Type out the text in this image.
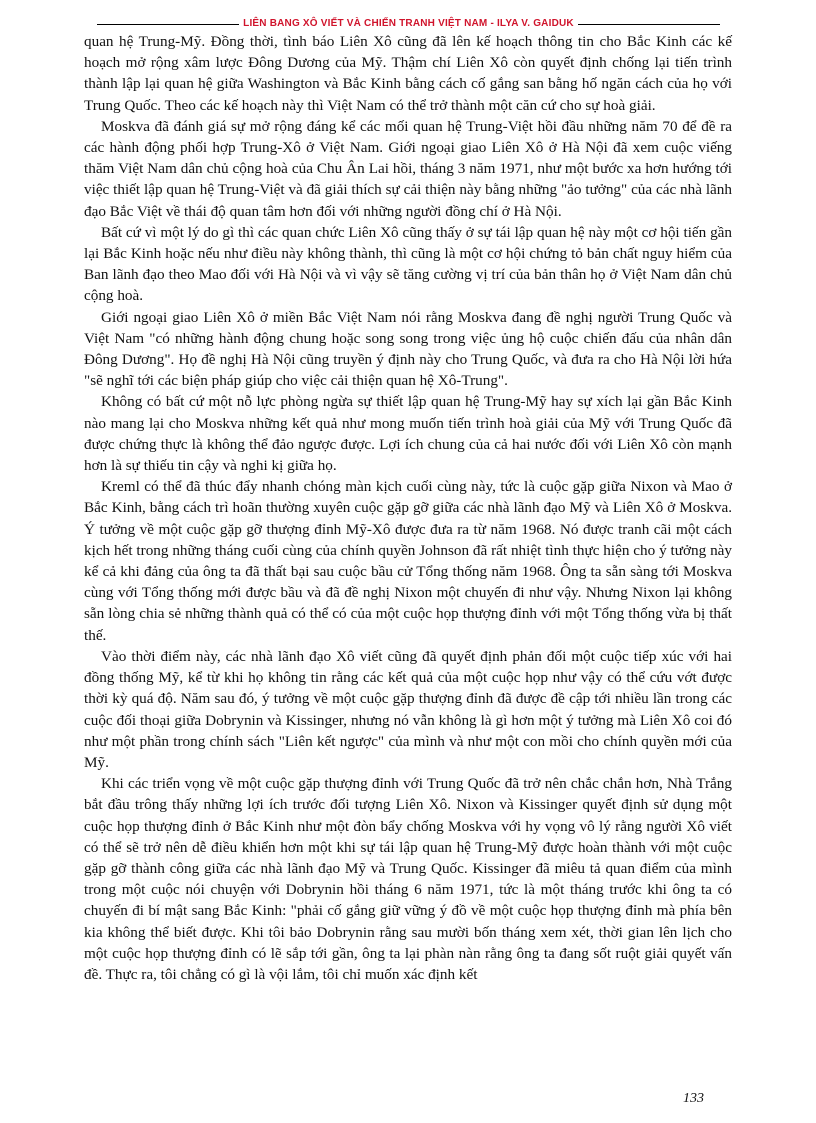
LIÊN BANG XÔ VIẾT VÀ CHIẾN TRANH VIỆT NAM - ILYA V. GAIDUK

quan hệ Trung-Mỹ. Đồng thời, tình báo Liên Xô cũng đã lên kế hoạch thông tin cho Bắc Kinh các kế hoạch mở rộng xâm lược Đông Dương của Mỹ. Thậm chí Liên Xô còn quyết định chống lại tiến trình thành lập lại quan hệ giữa Washington và Bắc Kinh bằng cách cố gắng san bằng hố ngăn cách của họ với Trung Quốc. Theo các kế hoạch này thì Việt Nam có thể trở thành một căn cứ cho sự hoà giải.

Moskva đã đánh giá sự mở rộng đáng kể các mối quan hệ Trung-Việt hồi đầu những năm 70 để đề ra các hành động phối hợp Trung-Xô ở Việt Nam. Giới ngoại giao Liên Xô ở Hà Nội đã xem cuộc viếng thăm Việt Nam dân chủ cộng hoà của Chu Ân Lai hồi, tháng 3 năm 1971, như một bước xa hơn hướng tới việc thiết lập quan hệ Trung-Việt và đã giải thích sự cải thiện này bằng những "ảo tưởng" của các nhà lãnh đạo Bắc Việt về thái độ quan tâm hơn đối với những người đồng chí ở Hà Nội.

Bất cứ vì một lý do gì thì các quan chức Liên Xô cũng thấy ở sự tái lập quan hệ này một cơ hội tiến gần lại Bắc Kinh hoặc nếu như điều này không thành, thì cũng là một cơ hội chứng tỏ bản chất nguy hiểm của Ban lãnh đạo theo Mao đối với Hà Nội và vì vậy sẽ tăng cường vị trí của bản thân họ ở Việt Nam dân chủ cộng hoà.

Giới ngoại giao Liên Xô ở miền Bắc Việt Nam nói rằng Moskva đang đề nghị người Trung Quốc và Việt Nam "có những hành động chung hoặc song song trong việc ủng hộ cuộc chiến đấu của nhân dân Đông Dương". Họ đề nghị Hà Nội cũng truyền ý định này cho Trung Quốc, và đưa ra cho Hà Nội lời hứa "sẽ nghĩ tới các biện pháp giúp cho việc cải thiện quan hệ Xô-Trung".

Không có bất cứ một nỗ lực phòng ngừa sự thiết lập quan hệ Trung-Mỹ hay sự xích lại gần Bắc Kinh nào mang lại cho Moskva những kết quả như mong muốn tiến trình hoà giải của Mỹ với Trung Quốc đã được chứng thực là không thể đảo ngược được. Lợi ích chung của cả hai nước đối với Liên Xô còn mạnh hơn là sự thiếu tin cậy và nghi kị giữa họ.

Kreml có thể đã thúc đẩy nhanh chóng màn kịch cuối cùng này, tức là cuộc gặp giữa Nixon và Mao ở Bắc Kinh, bằng cách trì hoãn thường xuyên cuộc gặp gỡ giữa các nhà lãnh đạo Mỹ và Liên Xô ở Moskva. Ý tưởng về một cuộc gặp gỡ thượng đỉnh Mỹ-Xô được đưa ra từ năm 1968. Nó được tranh cãi một cách kịch hết trong những tháng cuối cùng của chính quyền Johnson đã rất nhiệt tình thực hiện cho ý tưởng này kể cả khi đảng của ông ta đã thất bại sau cuộc bầu cử Tổng thống năm 1968. Ông ta sẵn sàng tới Moskva cùng với Tổng thống mới được bầu và đã đề nghị Nixon một chuyến đi như vậy. Nhưng Nixon lại không sẵn lòng chia sẻ những thành quả có thể có của một cuộc họp thượng đỉnh với một Tổng thống vừa bị thất thế.

Vào thời điểm này, các nhà lãnh đạo Xô viết cũng đã quyết định phản đối một cuộc tiếp xúc với hai đồng thống Mỹ, kể từ khi họ không tin rằng các kết quả của một cuộc họp như vậy có thể cứu vớt được thời kỳ quá độ. Năm sau đó, ý tưởng về một cuộc gặp thượng đỉnh đã được đề cập tới nhiều lần trong các cuộc đối thoại giữa Dobrynin và Kissinger, nhưng nó vẫn không là gì hơn một ý tưởng mà Liên Xô coi đó như một phần trong chính sách "Liên kết ngược" của mình và như một con mồi cho chính quyền mới của Mỹ.

Khi các triển vọng về một cuộc gặp thượng đỉnh với Trung Quốc đã trở nên chắc chắn hơn, Nhà Trắng bắt đầu trông thấy những lợi ích trước đối tượng Liên Xô. Nixon và Kissinger quyết định sử dụng một cuộc họp thượng đỉnh ở Bắc Kinh như một đòn bẩy chống Moskva với hy vọng vô lý rằng người Xô viết có thể sẽ trở nên dễ điều khiển hơn một khi sự tái lập quan hệ Trung-Mỹ được hoàn thành với một cuộc gặp gỡ thành công giữa các nhà lãnh đạo Mỹ và Trung Quốc. Kissinger đã miêu tả quan điểm của mình trong một cuộc nói chuyện với Dobrynin hồi tháng 6 năm 1971, tức là một tháng trước khi ông ta có chuyến đi bí mật sang Bắc Kinh: "phải cố gắng giữ vững ý đồ về một cuộc họp thượng đỉnh mà phía bên kia không thể biết được. Khi tôi bảo Dobrynin rằng sau mười bốn tháng xem xét, thời gian lên lịch cho một cuộc họp thượng đỉnh có lẽ sắp tới gần, ông ta lại phàn nàn rằng ông ta đang sốt ruột giải quyết vấn đề. Thực ra, tôi chẳng có gì là vội lắm, tôi chỉ muốn xác định kết

133
